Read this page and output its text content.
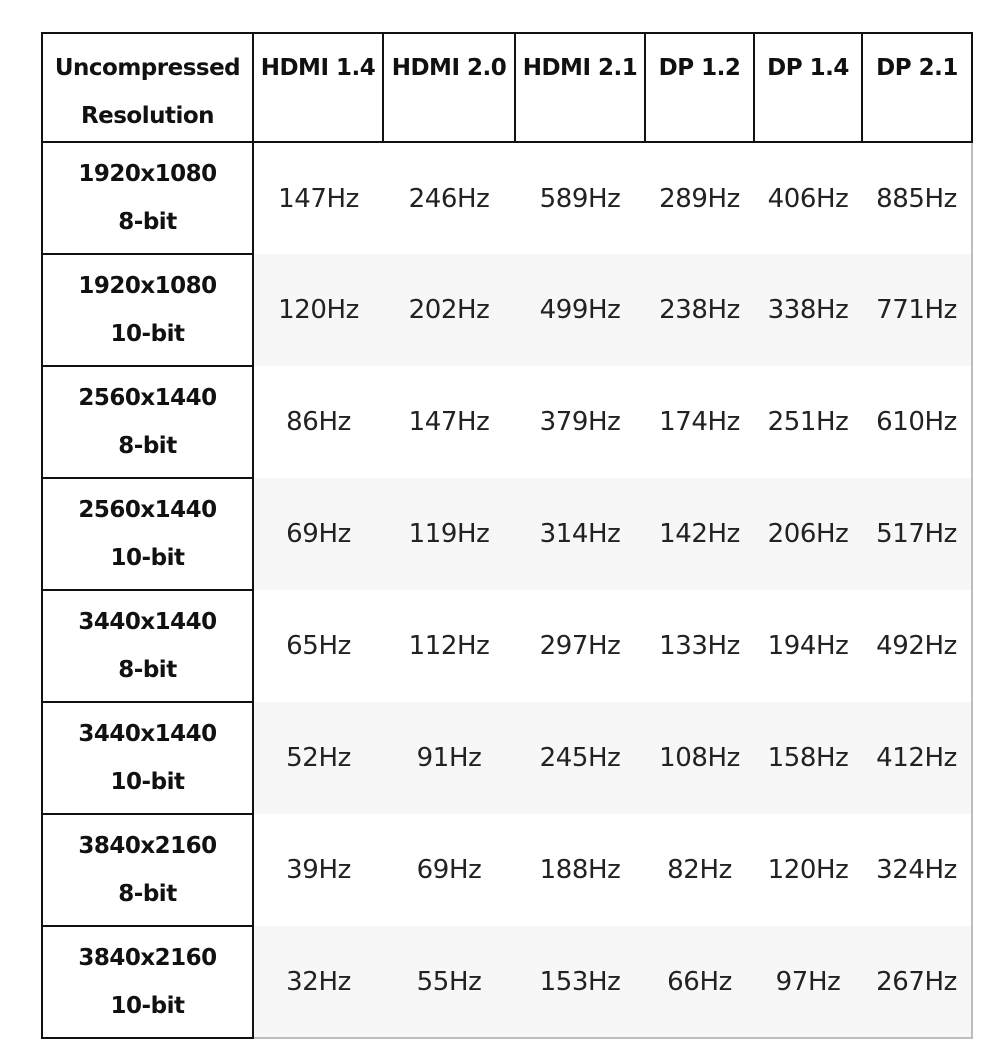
Uncompressed
Resolution	HDMI 1.4	HDMI 2.0	HDMI 2.1	DP 1.2	DP 1.4	DP 2.1

1920x1080
8-bit	147Hz	246Hz	589Hz	289Hz	406Hz	885Hz

1920x1080
10-bit	120Hz	202Hz	499Hz	238Hz	338Hz	771Hz

2560x1440
8-bit	86Hz	147Hz	379Hz	174Hz	251Hz	610Hz

2560x1440
10-bit	69Hz	119Hz	314Hz	142Hz	206Hz	517Hz

3440x1440
8-bit	65Hz	112Hz	297Hz	133Hz	194Hz	492Hz

3440x1440
10-bit	52Hz	91Hz	245Hz	108Hz	158Hz	412Hz

3840x2160
8-bit	39Hz	69Hz	188Hz	82Hz	120Hz	324Hz

3840x2160
10-bit	32Hz	55Hz	153Hz	66Hz	97Hz	267Hz
